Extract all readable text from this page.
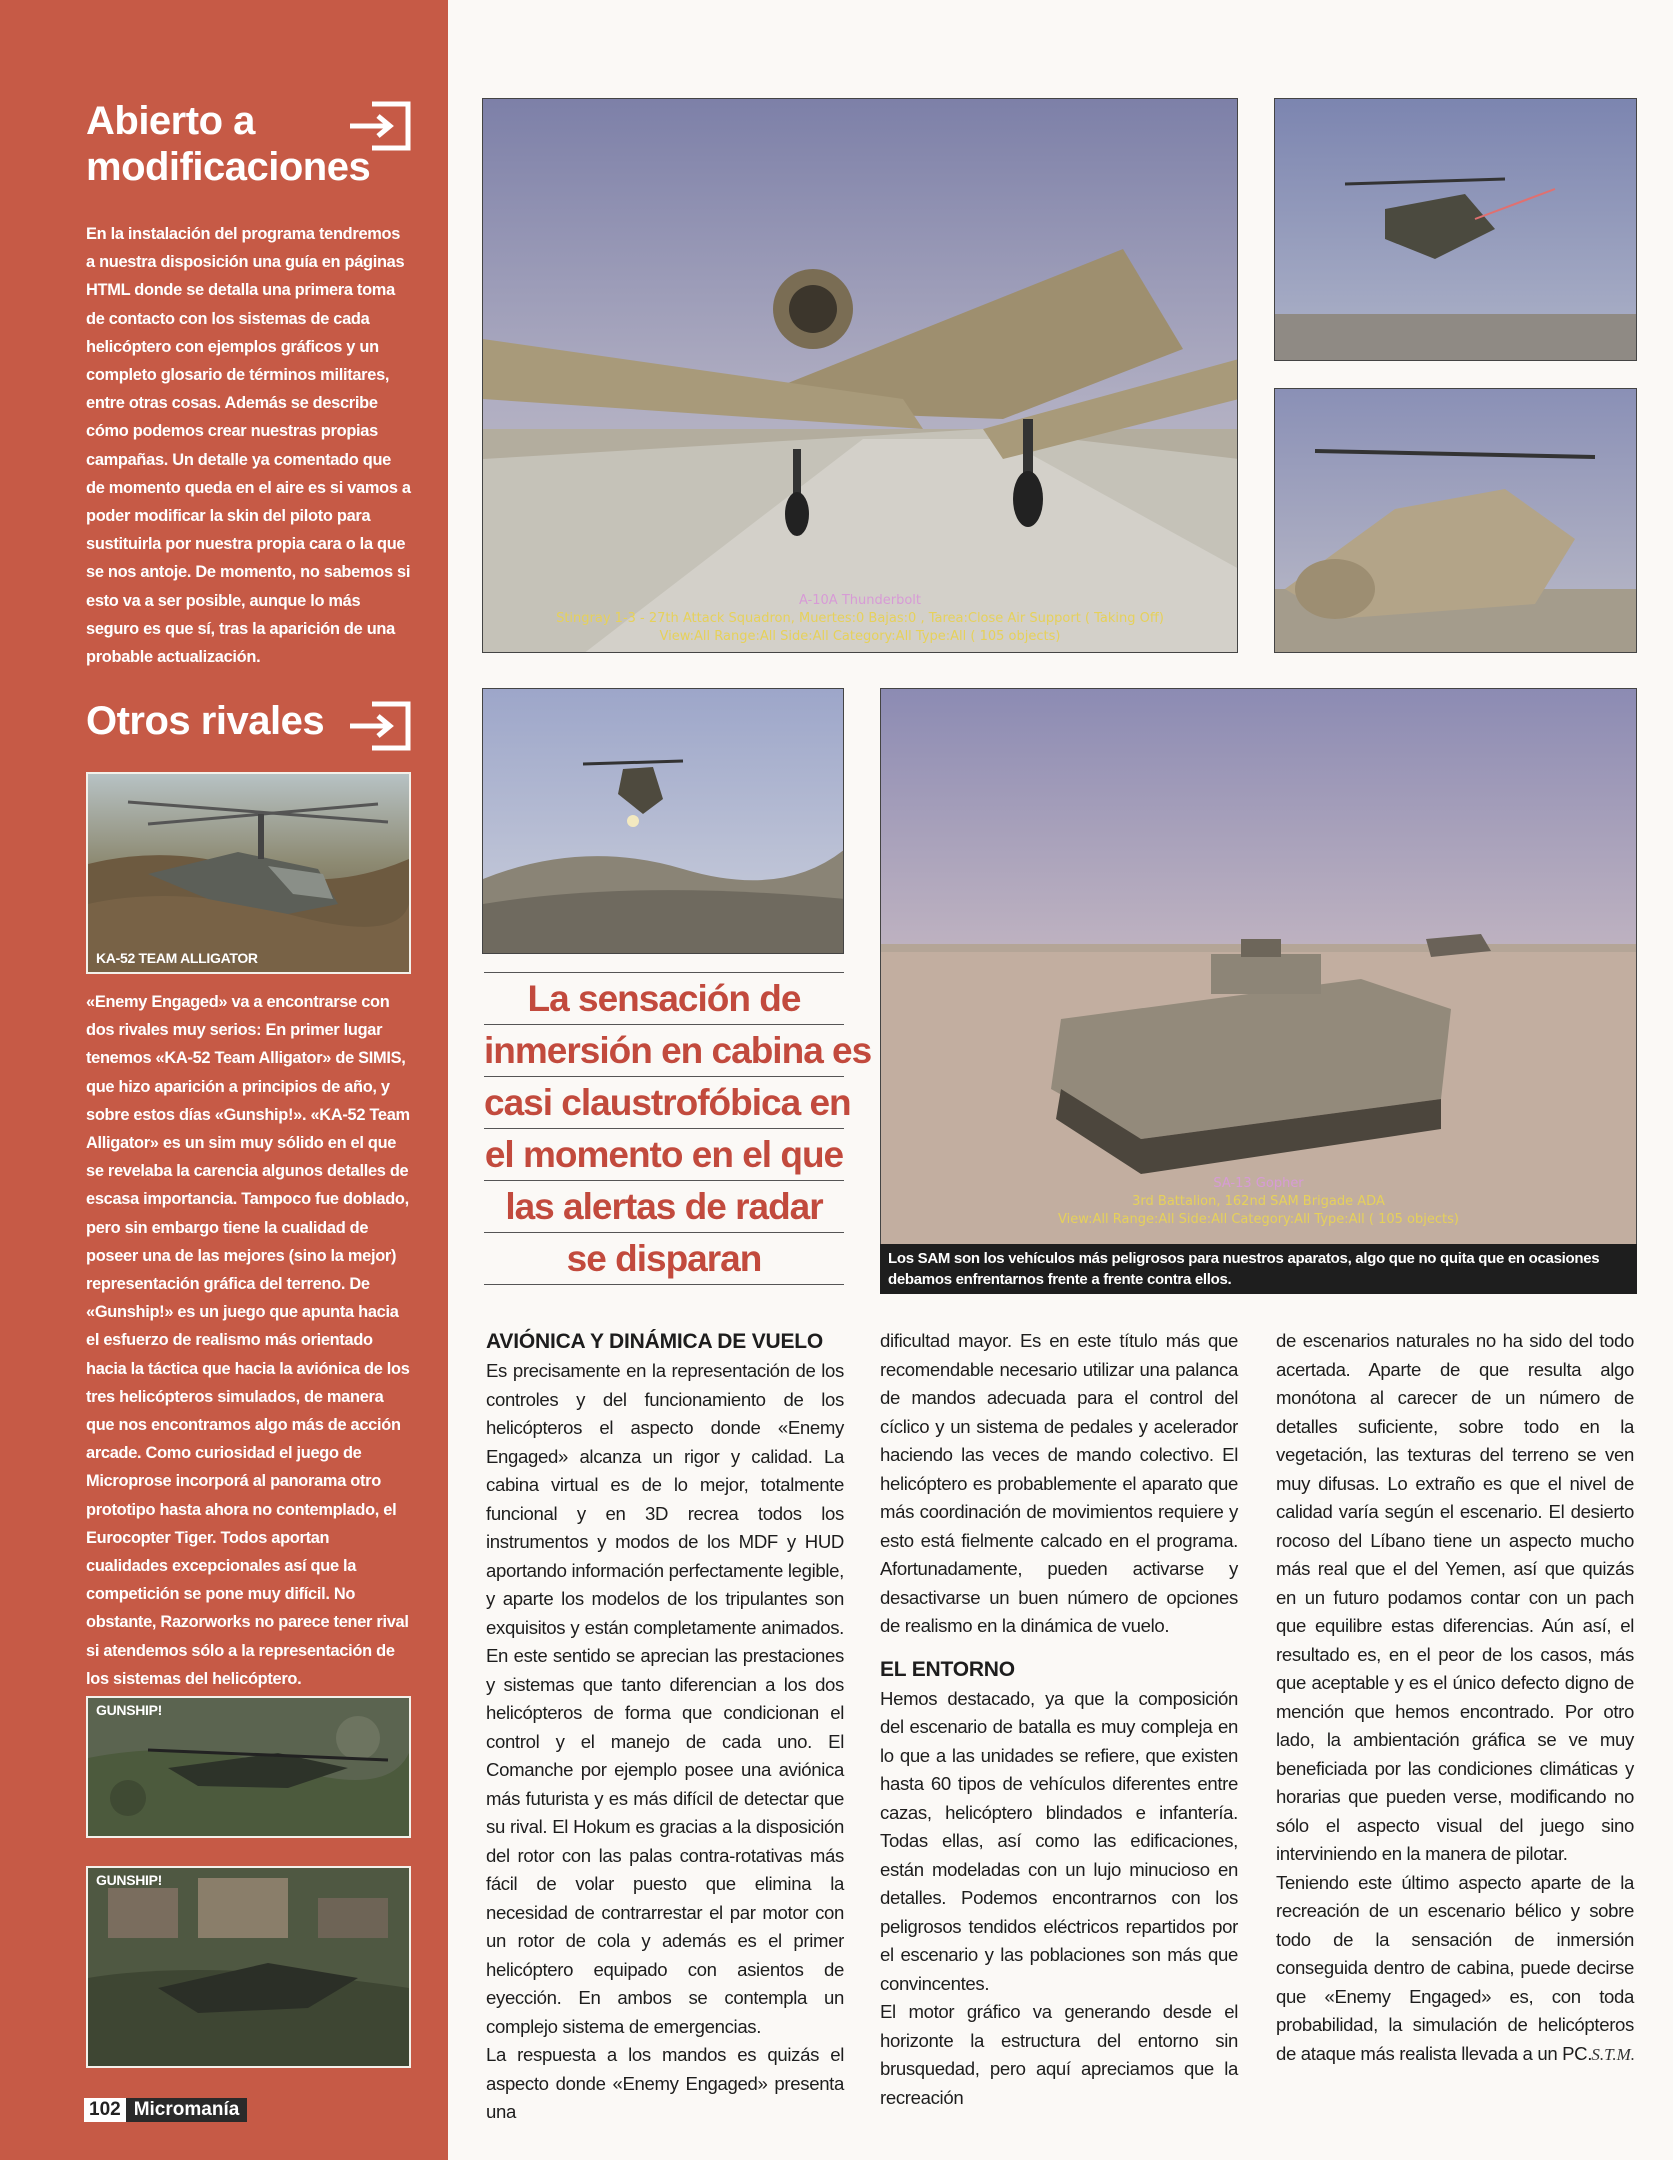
Abierto a
modificaciones

En la instalación del programa tendremos a nuestra disposición una guía en páginas HTML donde se detalla una primera toma de contacto con los sistemas de cada helicóptero con ejemplos gráficos y un completo glosario de términos militares, entre otras cosas. Además se describe cómo podemos crear nuestras propias campañas. Un detalle ya comentado que de momento queda en el aire es si vamos a poder modificar la skin del piloto para sustituirla por nuestra propia cara o la que se nos antoje. De momento, no sabemos si esto va a ser posible, aunque lo más seguro es que sí, tras la aparición de una probable actualización.

Otros rivales
KA-52 TEAM ALLIGATOR

«Enemy Engaged» va a encontrarse con dos rivales muy serios: En primer lugar tenemos «KA-52 Team Alligator» de SIMIS, que hizo aparición a principios de año, y sobre estos días «Gunship!». «KA-52 Team Alligator» es un sim muy sólido en el que se revelaba la carencia algunos detalles de escasa importancia. Tampoco fue doblado, pero sin embargo tiene la cualidad de poseer una de las mejores (sino la mejor) representación gráfica del terreno. De «Gunship!» es un juego que apunta hacia el esfuerzo de realismo más orientado hacia la táctica que hacia la aviónica de los tres helicópteros simulados, de manera que nos encontramos algo más de acción arcade. Como curiosidad el juego de Microprose incorporá al panorama otro prototipo hasta ahora no contemplado, el Eurocopter Tiger. Todos aportan cualidades excepcionales así que la competición se pone muy difícil. No obstante, Razorworks no parece tener rival si atendemos sólo a la representación de los sistemas del helicóptero.

GUNSHIP!
GUNSHIP!
102 Micromanía
A-10A Thunderbolt
Stingray 1-3 - 27th Attack Squadron, Muertes:0 Bajas:0 , Tarea:Close Air Support ( Taking Off)
View:All Range:All Side:All Category:All Type:All ( 105 objects)
SA-13 Gopher
3rd Battalion, 162nd SAM Brigade ADA
View:All Range:All Side:All Category:All Type:All ( 105 objects)
Los SAM son los vehículos más peligrosos para nuestros aparatos, algo que no quita que en ocasiones debamos enfrentarnos frente a frente contra ellos.
La sensación de
inmersión en cabina es
casi claustrofóbica en
el momento en el que
las alertas de radar
se disparan
AVIÓNICA Y DINÁMICA DE VUELO

Es precisamente en la representación de los controles y del funcionamiento de los helicópteros el aspecto donde «Enemy Engaged» alcanza un rigor y calidad. La cabina virtual es de lo mejor, totalmente funcional y en 3D recrea todos los instrumentos y modos de los MDF y HUD aportando información perfectamente legible, y aparte los modelos de los tripulantes son exquisitos y están completamente animados. En este sentido se aprecian las prestaciones y sistemas que tanto diferencian a los dos helicópteros de forma que condicionan el control y el manejo de cada uno. El Comanche por ejemplo posee una aviónica más futurista y es más difícil de detectar que su rival. El Hokum es gracias a la disposición del rotor con las palas contra-rotativas más fácil de volar puesto que elimina la necesidad de contrarrestar el par motor con un rotor de cola y además es el primer helicóptero equipado con asientos de eyección. En ambos se contempla un complejo sistema de emergencias.

La respuesta a los mandos es quizás el aspecto donde «Enemy Engaged» presenta una

dificultad mayor. Es en este título más que recomendable necesario utilizar una palanca de mandos adecuada para el control del cíclico y un sistema de pedales y acelerador haciendo las veces de mando colectivo. El helicóptero es probablemente el aparato que más coordinación de movimientos requiere y esto está fielmente calcado en el programa. Afortunadamente, pueden activarse y desactivarse un buen número de opciones de realismo en la dinámica de vuelo.

EL ENTORNO

Hemos destacado, ya que la composición del escenario de batalla es muy compleja en lo que a las unidades se refiere, que existen hasta 60 tipos de vehículos diferentes entre cazas, helicóptero blindados e infantería. Todas ellas, así como las edificaciones, están modeladas con un lujo minucioso en detalles. Podemos encontrarnos con los peligrosos tendidos eléctricos repartidos por el escenario y las poblaciones son más que convincentes.

El motor gráfico va generando desde el horizonte la estructura del entorno sin brusquedad, pero aquí apreciamos que la recreación

de escenarios naturales no ha sido del todo acertada. Aparte de que resulta algo monótona al carecer de un número de detalles suficiente, sobre todo en la vegetación, las texturas del terreno se ven muy difusas. Lo extraño es que el nivel de calidad varía según el escenario. El desierto rocoso del Líbano tiene un aspecto mucho más real que el del Yemen, así que quizás en un futuro podamos contar con un pach que equilibre estas diferencias. Aún así, el resultado es, en el peor de los casos, más que aceptable y es el único defecto digno de mención que hemos encontrado. Por otro lado, la ambientación gráfica se ve muy beneficiada por las condiciones climáticas y horarias que pueden verse, modificando no sólo el aspecto visual del juego sino interviniendo en la manera de pilotar.

Teniendo este último aspecto aparte de la recreación de un escenario bélico y sobre todo de la sensación de inmersión conseguida dentro de cabina, puede decirse que «Enemy Engaged» es, con toda probabilidad, la simulación de helicópteros de ataque más realista llevada a un PC. S.T.M.
